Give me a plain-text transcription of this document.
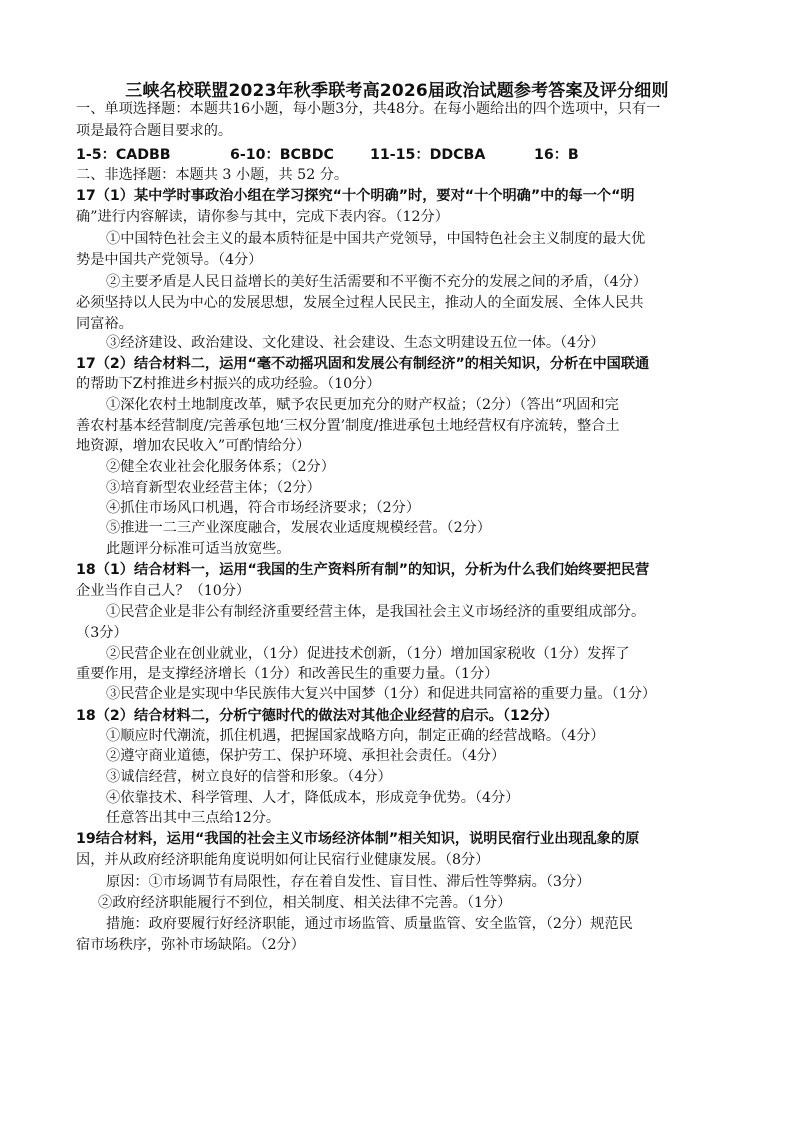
三峡名校联盟2023年秋季联考高2026届政治试题参考答案及评分细则
一、单项选择题：本题共16小题，每小题3分，共48分。在每小题给出的四个选项中，只有一
项是最符合题目要求的。
1-5：CADBB	6-10：BCBDC	11-15：DDCBA	16：B
二、非选择题：本题共 3 小题，共 52 分。
17（1）某中学时事政治小组在学习探究“十个明确”时，要对“十个明确”中的每一个“明
确”进行内容解读，请你参与其中，完成下表内容。（12分）
①中国特色社会主义的最本质特征是中国共产党领导，中国特色社会主义制度的最大优
势是中国共产党领导。（4分）
②主要矛盾是人民日益增长的美好生活需要和不平衡不充分的发展之间的矛盾，（4分）
必须坚持以人民为中心的发展思想，发展全过程人民民主，推动人的全面发展、全体人民共
同富裕。
③经济建设、政治建设、文化建设、社会建设、生态文明建设五位一体。（4分）
17（2）结合材料二，运用“毫不动摇巩固和发展公有制经济”的相关知识，分析在中国联通
的帮助下Z村推进乡村振兴的成功经验。（10分）
①深化农村土地制度改革，赋予农民更加充分的财产权益；（2分）（答出“巩固和完
善农村基本经营制度/完善承包地‘三权分置’制度/推进承包土地经营权有序流转，整合土
地资源，增加农民收入”可酌情给分）
②健全农业社会化服务体系；（2分）
③培育新型农业经营主体；（2分）
④抓住市场风口机遇，符合市场经济要求；（2分）
⑤推进一二三产业深度融合，发展农业适度规模经营。（2分）
此题评分标准可适当放宽些。
18（1）结合材料一，运用“我国的生产资料所有制”的知识，分析为什么我们始终要把民营
企业当作自己人？（10分）
①民营企业是非公有制经济重要经营主体，是我国社会主义市场经济的重要组成部分。
（3分）
②民营企业在创业就业，（1分）促进技术创新，（1分）增加国家税收（1分）发挥了
重要作用，是支撑经济增长（1分）和改善民生的重要力量。（1分）
③民营企业是实现中华民族伟大复兴中国梦（1分）和促进共同富裕的重要力量。（1分）
18（2）结合材料二，分析宁德时代的做法对其他企业经营的启示。（12分）
①顺应时代潮流，抓住机遇，把握国家战略方向，制定正确的经营战略。（4分）
②遵守商业道德，保护劳工、保护环境、承担社会责任。（4分）
③诚信经营，树立良好的信誉和形象。（4分）
④依靠技术、科学管理、人才，降低成本，形成竞争优势。（4分）
任意答出其中三点给12分。
19结合材料，运用“我国的社会主义市场经济体制”相关知识，说明民宿行业出现乱象的原
因，并从政府经济职能角度说明如何让民宿行业健康发展。（8分）
原因：①市场调节有局限性，存在着自发性、盲目性、滞后性等弊病。（3分）
②政府经济职能履行不到位，相关制度、相关法律不完善。（1分）
措施：政府要履行好经济职能，通过市场监管、质量监管、安全监管，（2分）规范民
宿市场秩序，弥补市场缺陷。（2分）
